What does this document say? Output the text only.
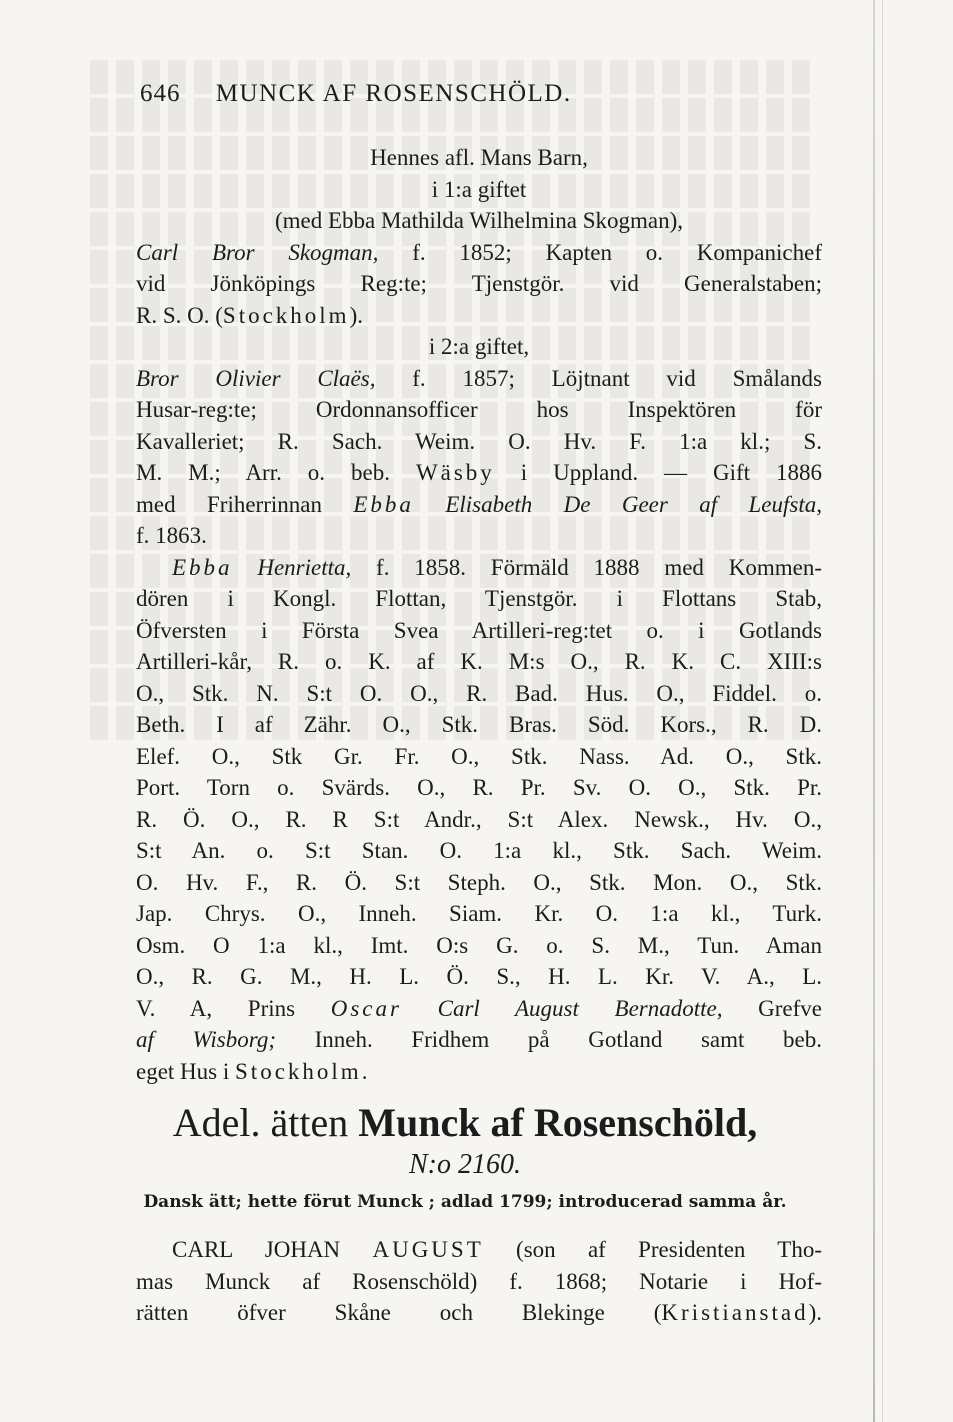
646 MUNCK AF ROSENSCHÖLD.
Hennes afl. Mans Barn,
i 1:a giftet
(med Ebba Mathilda Wilhelmina Skogman),
Carl Bror Skogman, f. 1852; Kapten o. Kompanichef
vid Jönköpings Reg:te; Tjenstgör. vid Generalstaben;
R. S. O. (Stockholm).
i 2:a giftet,
Bror Olivier Claës, f. 1857; Löjtnant vid Smålands
Husar-reg:te; Ordonnansofficer hos Inspektören för
Kavalleriet; R. Sach. Weim. O. Hv. F. 1:a kl.; S.
M. M.; Arr. o. beb. Wäsby i Uppland. — Gift 1886
med Friherrinnan Ebba Elisabeth De Geer af Leufsta,
f. 1863.
Ebba Henrietta, f. 1858. Förmäld 1888 med Kommen-
dören i Kongl. Flottan, Tjenstgör. i Flottans Stab,
Öfversten i Första Svea Artilleri-reg:tet o. i Gotlands
Artilleri-kår, R. o. K. af K. M:s O., R. K. C. XIII:s
O., Stk. N. S:t O. O., R. Bad. Hus. O., Fiddel. o.
Beth. I af Zähr. O., Stk. Bras. Söd. Kors., R. D.
Elef. O., Stk Gr. Fr. O., Stk. Nass. Ad. O., Stk.
Port. Torn o. Svärds. O., R. Pr. Sv. O. O., Stk. Pr.
R. Ö. O., R. R S:t Andr., S:t Alex. Newsk., Hv. O.,
S:t An. o. S:t Stan. O. 1:a kl., Stk. Sach. Weim.
O. Hv. F., R. Ö. S:t Steph. O., Stk. Mon. O., Stk.
Jap. Chrys. O., Inneh. Siam. Kr. O. 1:a kl., Turk.
Osm. O 1:a kl., Imt. O:s G. o. S. M., Tun. Aman
O., R. G. M., H. L. Ö. S., H. L. Kr. V. A., L.
V. A, Prins Oscar Carl August Bernadotte, Grefve
af Wisborg; Inneh. Fridhem på Gotland samt beb.
eget Hus i Stockholm.
Adel. ätten Munck af Rosenschöld,
N:o 2160.
Dansk ätt; hette förut Munck ; adlad 1799; introducerad samma år.
CARL JOHAN AUGUST (son af Presidenten Tho-
mas Munck af Rosenschöld) f. 1868; Notarie i Hof-
rätten öfver Skåne och Blekinge (Kristianstad).
